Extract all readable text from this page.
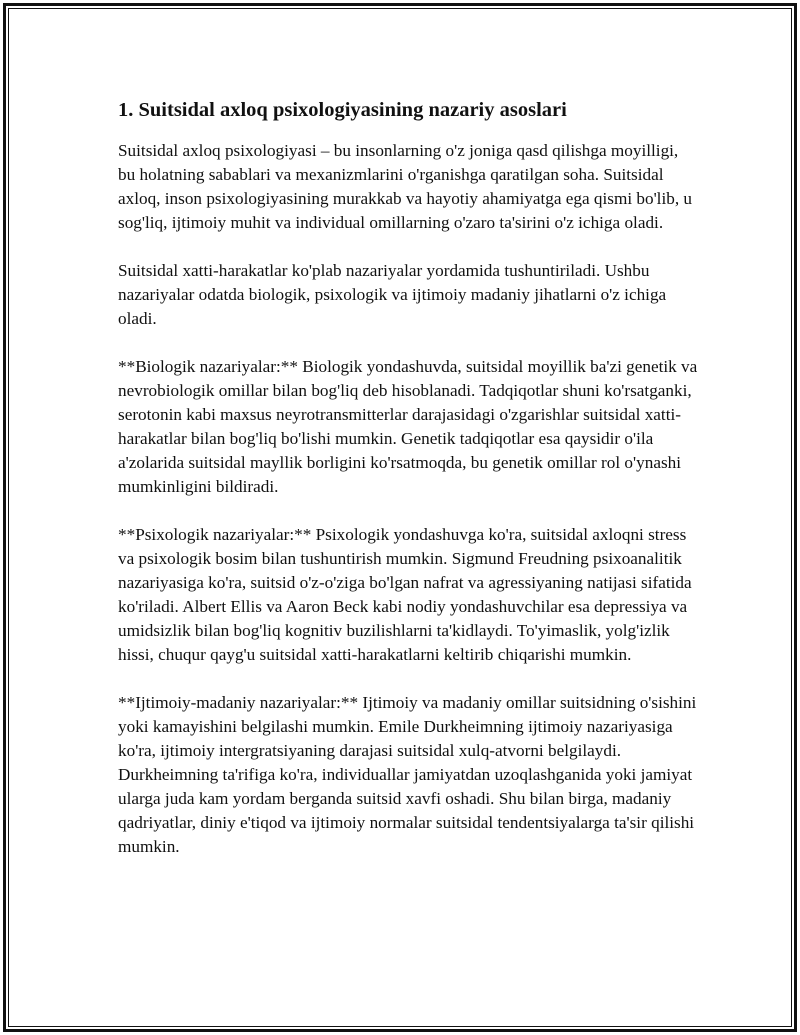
1. Suitsidal axloq psixologiyasining nazariy asoslari

Suitsidal axloq psixologiyasi – bu insonlarning o'z joniga qasd qilishga moyilligi, bu holatning sabablari va mexanizmlarini o'rganishga qaratilgan soha. Suitsidal axloq, inson psixologiyasining murakkab va hayotiy ahamiyatga ega qismi bo'lib, u sog'liq, ijtimoiy muhit va individual omillarning o'zaro ta'sirini o'z ichiga oladi.

Suitsidal xatti-harakatlar ko'plab nazariyalar yordamida tushuntiriladi. Ushbu nazariyalar odatda biologik, psixologik va ijtimoiy madaniy jihatlarni o'z ichiga oladi.

**Biologik nazariyalar:** Biologik yondashuvda, suitsidal moyillik ba'zi genetik va nevrobiologik omillar bilan bog'liq deb hisoblanadi. Tadqiqotlar shuni ko'rsatganki, serotonin kabi maxsus neyrotransmitterlar darajasidagi o'zgarishlar suitsidal xatti-harakatlar bilan bog'liq bo'lishi mumkin. Genetik tadqiqotlar esa qaysidir o'ila a'zolarida suitsidal mayllik borligini ko'rsatmoqda, bu genetik omillar rol o'ynashi mumkinligini bildiradi.

**Psixologik nazariyalar:** Psixologik yondashuvga ko'ra, suitsidal axloqni stress va psixologik bosim bilan tushuntirish mumkin. Sigmund Freudning psixoanalitik nazariyasiga ko'ra, suitsid o'z-o'ziga bo'lgan nafrat va agressiyaning natijasi sifatida ko'riladi. Albert Ellis va Aaron Beck kabi nodiy yondashuvchilar esa depressiya va umidsizlik bilan bog'liq kognitiv buzilishlarni ta'kidlaydi. To'yimaslik, yolg'izlik hissi, chuqur qayg'u suitsidal xatti-harakatlarni keltirib chiqarishi mumkin.

**Ijtimoiy-madaniy nazariyalar:** Ijtimoiy va madaniy omillar suitsidning o'sishini yoki kamayishini belgilashi mumkin. Emile Durkheimning ijtimoiy nazariyasiga ko'ra, ijtimoiy intergratsiyaning darajasi suitsidal xulq-atvorni belgilaydi. Durkheimning ta'rifiga ko'ra, individuallar jamiyatdan uzoqlashganida yoki jamiyat ularga juda kam yordam berganda suitsid xavfi oshadi. Shu bilan birga, madaniy qadriyatlar, diniy e'tiqod va ijtimoiy normalar suitsidal tendentsiyalarga ta'sir qilishi mumkin.
